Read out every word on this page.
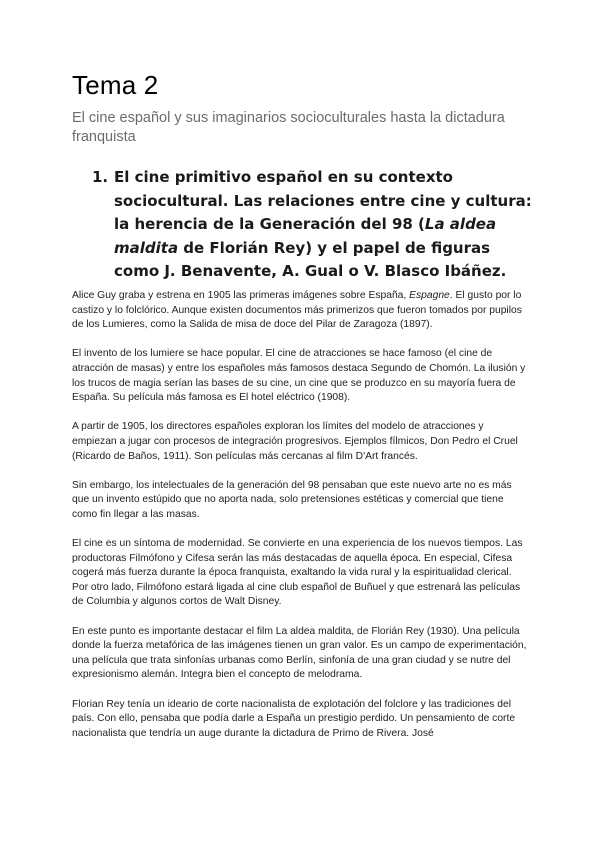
Tema 2
El cine español y sus imaginarios socioculturales hasta la dictadura franquista
1. El cine primitivo español en su contexto sociocultural. Las relaciones entre cine y cultura: la herencia de la Generación del 98 (La aldea maldita de Florián Rey) y el papel de figuras como J. Benavente, A. Gual o V. Blasco Ibáñez.

Alice Guy graba y estrena en 1905 las primeras imágenes sobre España, Espagne. El gusto por lo castizo y lo folclórico. Aunque existen documentos más primerizos que fueron tomados por pupilos de los Lumieres, como la Salida de misa de doce del Pilar de Zaragoza (1897).

El invento de los lumiere se hace popular. El cine de atracciones se hace famoso (el cine de atracción de masas) y entre los españoles más famosos destaca Segundo de Chomón. La ilusión y los trucos de magia serían las bases de su cine, un cine que se produzco en su mayoría fuera de España. Su película más famosa es El hotel eléctrico (1908).

A partir de 1905, los directores españoles exploran los límites del modelo de atracciones y empiezan a jugar con procesos de integración progresivos. Ejemplos fílmicos, Don Pedro el Cruel (Ricardo de Baños, 1911). Son películas más cercanas al film D'Art francés.

Sin embargo, los intelectuales de la generación del 98 pensaban que este nuevo arte no es más que un invento estúpido que no aporta nada, solo pretensiones estéticas y comercial que tiene como fin llegar a las masas.

El cine es un síntoma de modernidad. Se convierte en una experiencia de los nuevos tiempos. Las productoras Filmófono y Cifesa serán las más destacadas de aquella época. En especial, Cifesa cogerá más fuerza durante la época franquista, exaltando la vida rural y la espiritualidad clerical. Por otro lado, Filmófono estará ligada al cine club español de Buñuel y que estrenará las películas de Columbia y algunos cortos de Walt Disney.

En este punto es importante destacar el film La aldea maldita, de Florián Rey (1930). Una película donde la fuerza metafórica de las imágenes tienen un gran valor. Es un campo de experimentación, una película que trata sinfonías urbanas como Berlín, sinfonía de una gran ciudad y se nutre del expresionismo alemán. Integra bien el concepto de melodrama.

Florian Rey tenía un ideario de corte nacionalista de explotación del folclore y las tradiciones del país. Con ello, pensaba que podía darle a España un prestigio perdido. Un pensamiento de corte nacionalista que tendría un auge durante la dictadura de Primo de Rivera. José
